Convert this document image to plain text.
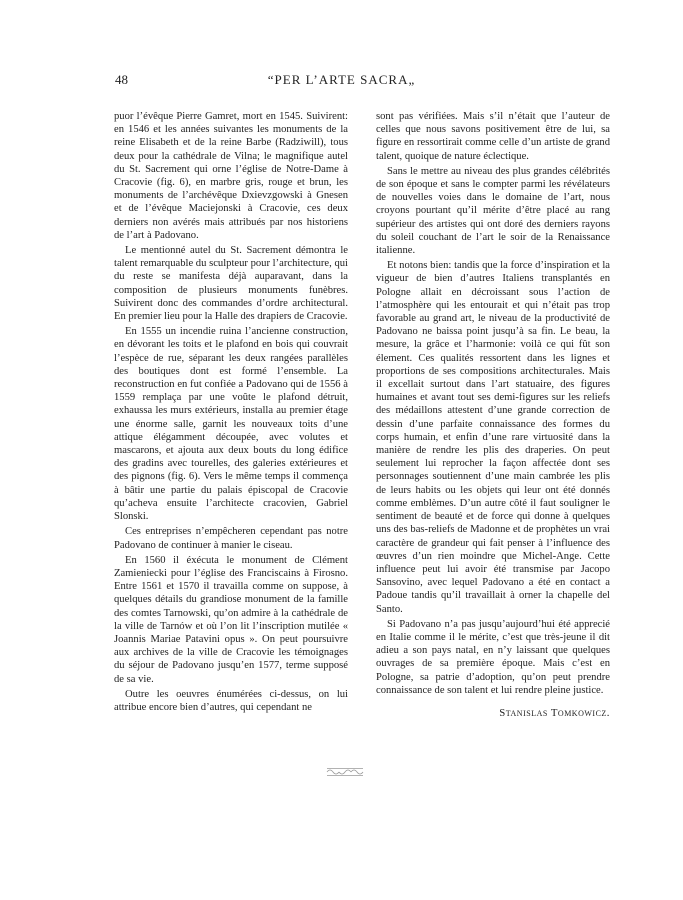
48	“PER L’ARTE SACRA„

puor l’évêque Pierre Gamret, mort en 1545. Suivirent: en 1546 et les années suivantes les monuments de la reine Elisabeth et de la reine Barbe (Radziwill), tous deux pour la cathédrale de Vilna; le magnifique autel du St. Sacrement qui orne l’église de Notre-Dame à Cracovie (fig. 6), en marbre gris, rouge et brun, les monuments de l’archévêque Dxievzgowski à Gnesen et de l’évêque Maciejonski à Cracovie, ces deux derniers non avérés mais attribués par nos historiens de l’art à Padovano.

Le mentionné autel du St. Sacrement démontra le talent remarquable du sculpteur pour l’architecture, qui du reste se manifesta déjà auparavant, dans la composition de plusieurs monuments funèbres. Suivirent donc des commandes d’ordre architectural. En premier lieu pour la Halle des drapiers de Cracovie.

En 1555 un incendie ruina l’ancienne construction, en dévorant les toits et le plafond en bois qui couvrait l’espèce de rue, séparant les deux rangées parallèles des boutiques dont est formé l’ensemble. La reconstruction en fut confiée a Padovano qui de 1556 à 1559 remplaça par une voûte le plafond détruit, exhaussa les murs extérieurs, installa au premier étage une énorme salle, garnit les nouveaux toits d’une attique élégamment découpée, avec volutes et mascarons, et ajouta aux deux bouts du long édifice des gradins avec tourelles, des galeries extérieures et des pignons (fig. 6). Vers le même temps il commença à bâtir une partie du palais épiscopal de Cracovie qu’acheva ensuite l’architecte cracovien, Gabriel Slonski.

Ces entreprises n’empêcheren cependant pas notre Padovano de continuer à manier le ciseau.

En 1560 il éxécuta le monument de Clément Zamieniecki pour l’église des Franciscains à Firosno. Entre 1561 et 1570 il travailla comme on suppose, à quelques détails du grandiose monument de la famille des comtes Tarnowski, qu’on admire à la cathédrale de la ville de Tarnów et où l’on lit l’inscription mutilée « Joannis Mariae Patavini opus ». On peut poursuivre aux archives de la ville de Cracovie les témoignages du séjour de Padovano jusqu’en 1577, terme supposé de sa vie.

Outre les oeuvres énumérées ci-dessus, on lui attribue encore bien d’autres, qui cependant ne

sont pas vérifiées. Mais s’il n’était que l’auteur de celles que nous savons positivement être de lui, sa figure en ressortirait comme celle d’un artiste de grand talent, quoique de nature éclectique.

Sans le mettre au niveau des plus grandes célébrités de son époque et sans le compter parmi les révélateurs de nouvelles voies dans le domaine de l’art, nous croyons pourtant qu’il mérite d’être placé au rang supérieur des artistes qui ont doré des derniers rayons du soleil couchant de l’art le soir de la Renaissance italienne.

Et notons bien: tandis que la force d’inspiration et la vigueur de bien d’autres Italiens transplantés en Pologne allait en décroissant sous l’action de l’atmosphère qui les entourait et qui n’était pas trop favorable au grand art, le niveau de la productivité de Padovano ne baissa point jusqu’à sa fin. Le beau, la mesure, la grâce et l’harmonie: voilà ce qui fût son élement. Ces qualités ressortent dans les lignes et proportions de ses compositions architecturales. Mais il excellait surtout dans l’art statuaire, des figures humaines et avant tout ses demi-figures sur les reliefs des médaillons attestent d’une grande correction de dessin d’une parfaite connaissance des formes du corps humain, et enfin d’une rare virtuosité dans la manière de rendre les plis des draperies. On peut seulement lui reprocher la façon affectée dont ses personnages soutiennent d’une main cambrée les plis de leurs habits ou les objets qui leur ont été donnés comme emblèmes. D’un autre côté il faut souligner le sentiment de beauté et de force qui donne à quelques uns des bas-reliefs de Madonne et de prophètes un vrai caractère de grandeur qui fait penser à l’influence des œuvres d’un rien moindre que Michel-Ange. Cette influence peut lui avoir été transmise par Jacopo Sansovino, avec lequel Padovano a été en contact a Padoue tandis qu’il travaillait à orner la chapelle del Santo.

Si Padovano n’a pas jusqu’aujourd’hui été apprecié en Italie comme il le mérite, c’est que très-jeune il dit adieu a son pays natal, en n’y laissant que quelques ouvrages de sa première époque. Mais c’est en Pologne, sa patrie d’adoption, qu’on peut prendre connaissance de son talent et lui rendre pleine justice.

Stanislas Tomkowicz.
